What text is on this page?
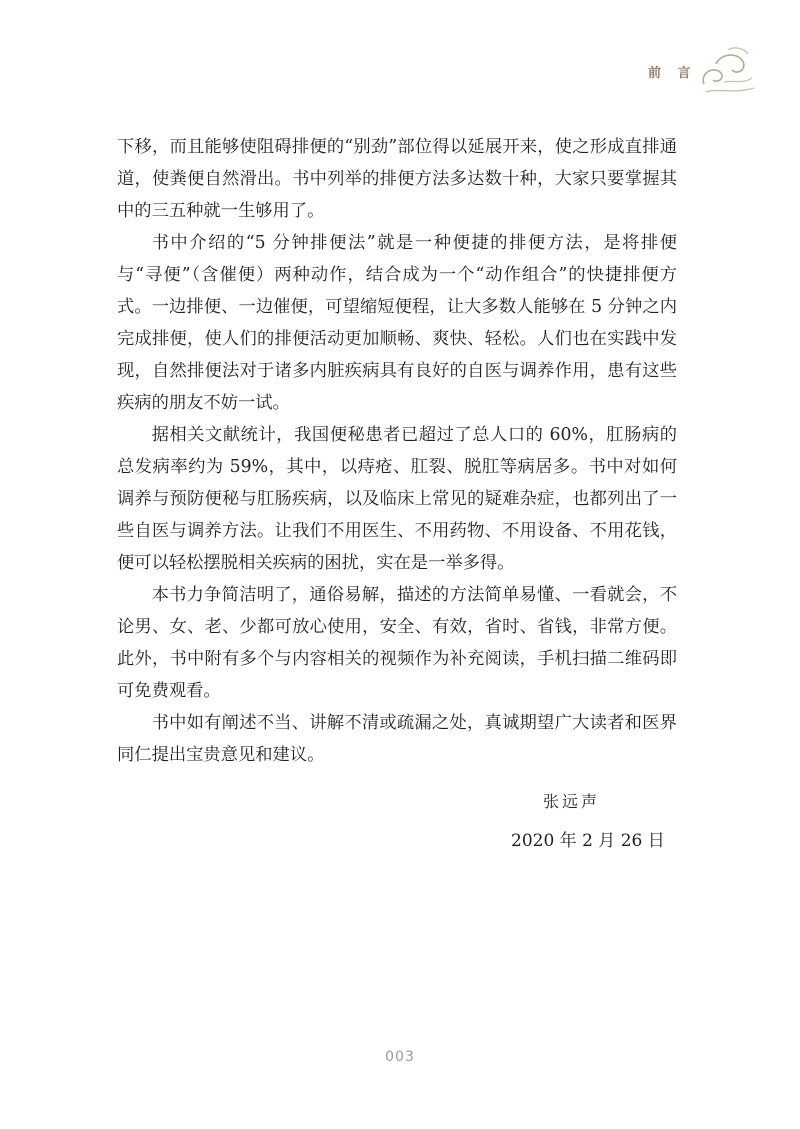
前 言

下移，而且能够使阻碍排便的“别劲”部位得以延展开来，使之形成直排通道，使粪便自然滑出。书中列举的排便方法多达数十种，大家只要掌握其中的三五种就一生够用了。

书中介绍的“5 分钟排便法”就是一种便捷的排便方法，是将排便与“寻便”（含催便）两种动作，结合成为一个“动作组合”的快捷排便方式。一边排便、一边催便，可望缩短便程，让大多数人能够在 5 分钟之内完成排便，使人们的排便活动更加顺畅、爽快、轻松。人们也在实践中发现，自然排便法对于诸多内脏疾病具有良好的自医与调养作用，患有这些疾病的朋友不妨一试。

据相关文献统计，我国便秘患者已超过了总人口的 60%，肛肠病的总发病率约为 59%，其中，以痔疮、肛裂、脱肛等病居多。书中对如何调养与预防便秘与肛肠疾病，以及临床上常见的疑难杂症，也都列出了一些自医与调养方法。让我们不用医生、不用药物、不用设备、不用花钱，便可以轻松摆脱相关疾病的困扰，实在是一举多得。

本书力争简洁明了，通俗易解，描述的方法简单易懂、一看就会，不论男、女、老、少都可放心使用，安全、有效，省时、省钱，非常方便。此外，书中附有多个与内容相关的视频作为补充阅读，手机扫描二维码即可免费观看。

书中如有阐述不当、讲解不清或疏漏之处，真诚期望广大读者和医界同仁提出宝贵意见和建议。

张远声
2020 年 2 月 26 日
003
